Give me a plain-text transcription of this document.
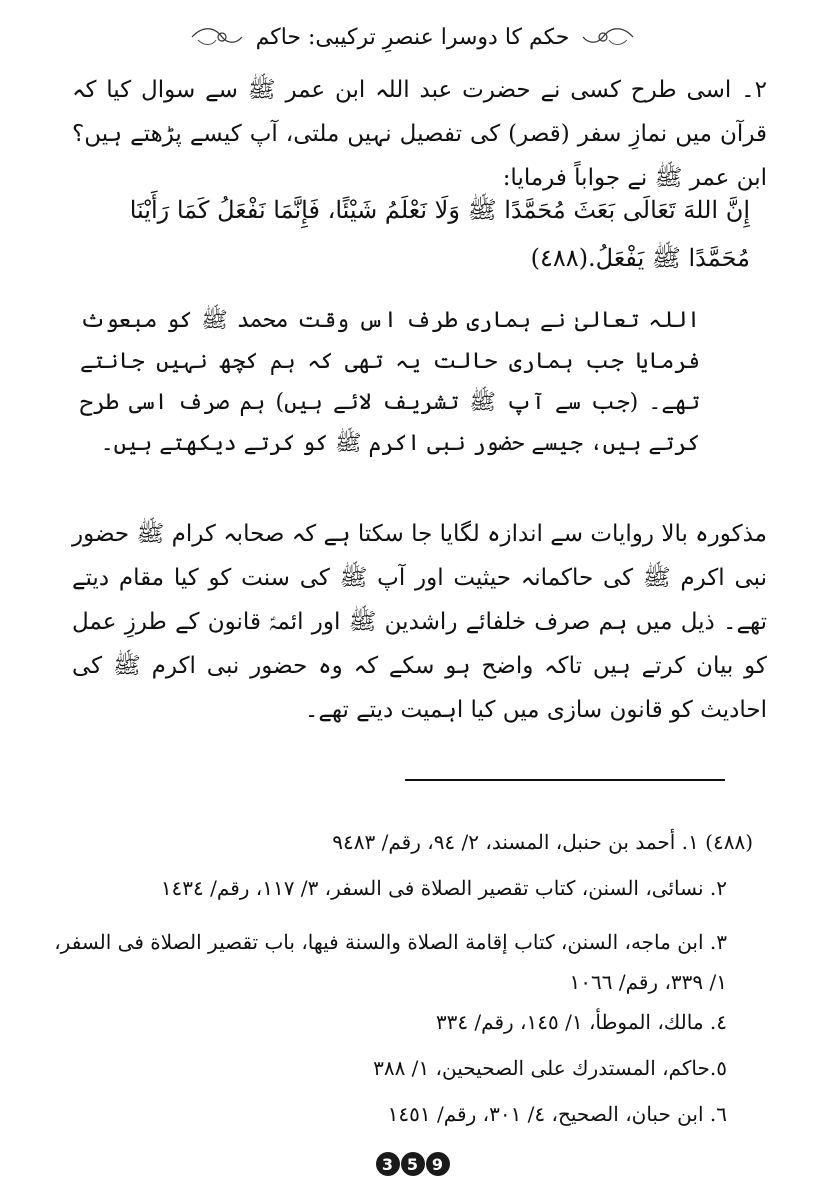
حکم کا دوسرا عنصرِ ترکیبی: حاکم

۲۔ اسی طرح کسی نے حضرت عبد اللہ ابن عمر ﷺ سے سوال کیا کہ قرآن میں نمازِ سفر (قصر) کی تفصیل نہیں ملتی، آپ کیسے پڑھتے ہیں؟ ابن عمر ﷺ نے جواباً فرمایا:

إِنَّ اللهَ تَعَالَى بَعَثَ مُحَمَّدًا ﷺ وَلَا نَعْلَمُ شَيْئًا، فَإِنَّمَا نَفْعَلُ كَمَا رَأَيْنَا مُحَمَّدًا ﷺ يَفْعَلُ.(٤٨٨)

اللہ تعالیٰ نے ہماری طرف اس وقت محمد ﷺ کو مبعوث فرمایا جب ہماری حالت یہ تھی کہ ہم کچھ نہیں جانتے تھے۔ (جب سے آپ ﷺ تشریف لائے ہیں) ہم صرف اسی طرح کرتے ہیں، جیسے حضور نبی اکرم ﷺ کو کرتے دیکھتے ہیں۔

مذکورہ بالا روایات سے اندازہ لگایا جا سکتا ہے کہ صحابہ کرام ﷺ حضور نبی اکرم ﷺ کی حاکمانہ حیثیت اور آپ ﷺ کی سنت کو کیا مقام دیتے تھے۔ ذیل میں ہم صرف خلفائے راشدین ﷺ اور ائمہؑ قانون کے طرزِ عمل کو بیان کرتے ہیں تاکہ واضح ہو سکے کہ وہ حضور نبی اکرم ﷺ کی احادیث کو قانون سازی میں کیا اہمیت دیتے تھے۔

(٤٨٨) ١. أحمد بن حنبل، المسند، ٢/ ٩٤، رقم/ ٩٤٨٣

٢. نسائى، السنن، كتاب تقصير الصلاة فى السفر، ٣/ ١١٧، رقم/ ١٤٣٤

٣. ابن ماجه، السنن، كتاب إقامة الصلاة والسنة فيها، باب تقصير الصلاة فى السفر، ١/ ٣٣٩، رقم/ ١٠٦٦

٤. مالك، الموطأ، ١/ ١٤٥، رقم/ ٣٣٤

٥.حاكم، المستدرك على الصحيحين، ١/ ٣٨٨

٦. ابن حبان، الصحيح، ٤/ ٣٠١، رقم/ ١٤٥١

3 5 9
